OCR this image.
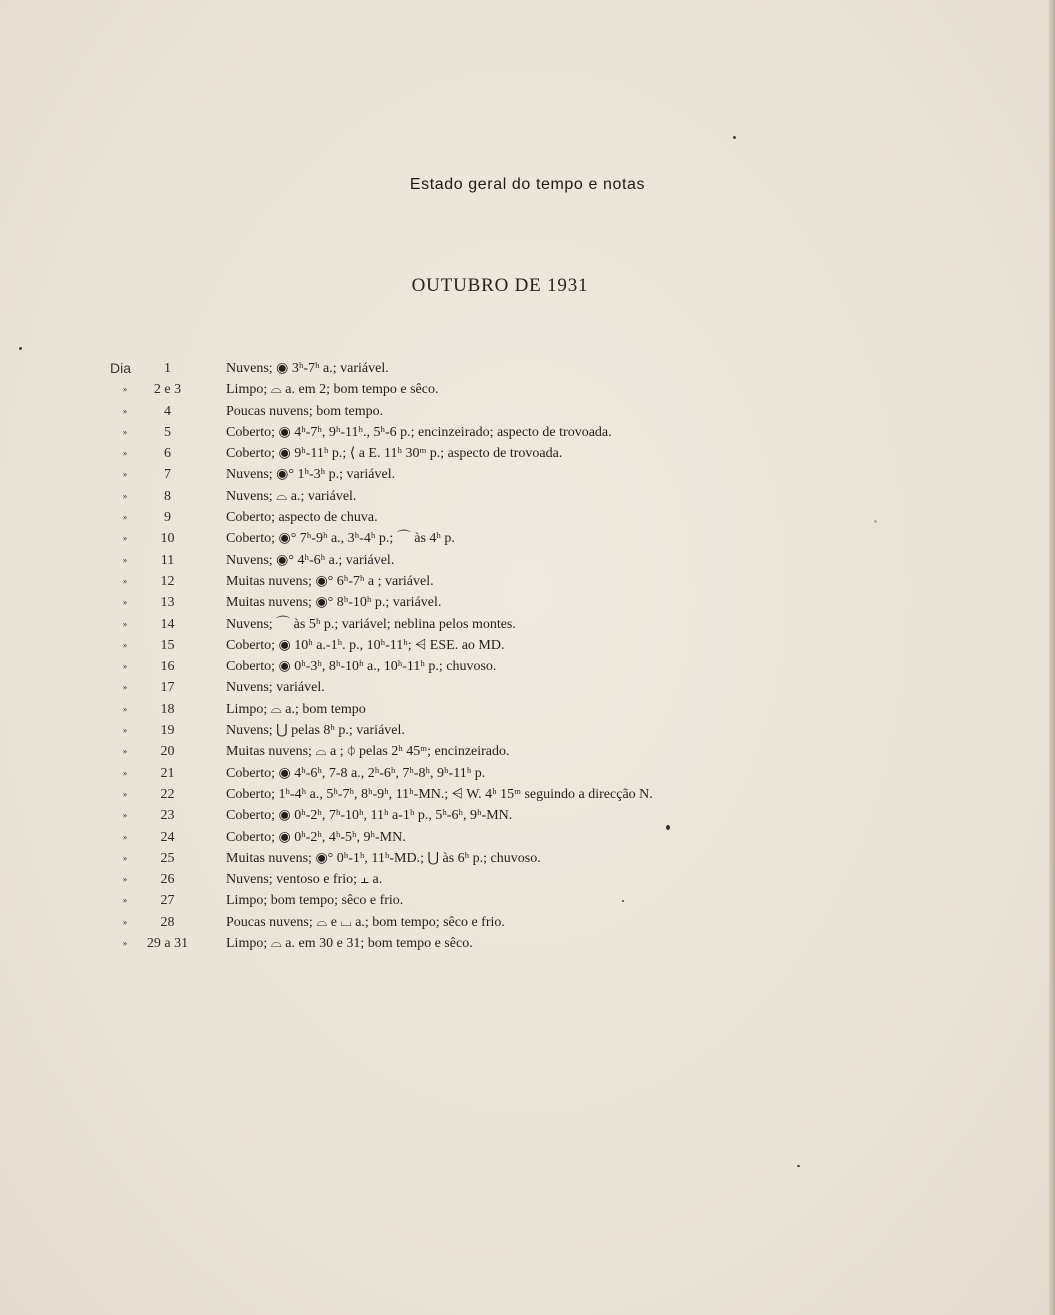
Estado geral do tempo e notas
OUTUBRO DE 1931
Dia	1	Nuvens; ◉ 3ʰ-7ʰ a.; variável.
»	2 e 3	Limpo; ⌓ a. em 2; bom tempo e sêco.
»	4	Poucas nuvens; bom tempo.
»	5	Coberto; ◉ 4ʰ-7ʰ, 9ʰ-11ʰ., 5ʰ-6 p.; encinzeirado; aspecto de trovoada.
»	6	Coberto; ◉ 9ʰ-11ʰ p.; ⟨ a E. 11ʰ 30ᵐ p.; aspecto de trovoada.
»	7	Nuvens; ◉° 1ʰ-3ʰ p.; variável.
»	8	Nuvens; ⌓ a.; variável.
»	9	Coberto; aspecto de chuva.
»	10	Coberto; ◉° 7ʰ-9ʰ a., 3ʰ-4ʰ p.; ⌒ às 4ʰ p.
»	11	Nuvens; ◉° 4ʰ-6ʰ a.; variável.
»	12	Muitas nuvens; ◉° 6ʰ-7ʰ a ; variável.
»	13	Muitas nuvens; ◉° 8ʰ-10ʰ p.; variável.
»	14	Nuvens; ⌒ às 5ʰ p.; variável; neblina pelos montes.
»	15	Coberto; ◉ 10ʰ a.-1ʰ. p., 10ʰ-11ʰ; ⩤ ESE. ao MD.
»	16	Coberto; ◉ 0ʰ-3ʰ, 8ʰ-10ʰ a., 10ʰ-11ʰ p.; chuvoso.
»	17	Nuvens; variável.
»	18	Limpo; ⌓ a.; bom tempo
»	19	Nuvens; ⋃ pelas 8ʰ p.; variável.
»	20	Muitas nuvens; ⌓ a ; ⏀ pelas 2ʰ 45ᵐ; encinzeirado.
»	21	Coberto; ◉ 4ʰ-6ʰ, 7-8 a., 2ʰ-6ʰ, 7ʰ-8ʰ, 9ʰ-11ʰ p.
»	22	Coberto; 1ʰ-4ʰ a., 5ʰ-7ʰ, 8ʰ-9ʰ, 11ʰ-MN.; ⩤ W. 4ʰ 15ᵐ seguindo a direcção N.
»	23	Coberto; ◉ 0ʰ-2ʰ, 7ʰ-10ʰ, 11ʰ a-1ʰ p., 5ʰ-6ʰ, 9ʰ-MN.
»	24	Coberto; ◉ 0ʰ-2ʰ, 4ʰ-5ʰ, 9ʰ-MN.
»	25	Muitas nuvens; ◉° 0ʰ-1ʰ, 11ʰ-MD.; ⋃ às 6ʰ p.; chuvoso.
»	26	Nuvens; ventoso e frio; ⫠ a.
»	27	Limpo; bom tempo; sêco e frio.
»	28	Poucas nuvens; ⌓ e ⌴ a.; bom tempo; sêco e frio.
»	29 a 31	Limpo; ⌓ a. em 30 e 31; bom tempo e sêco.
